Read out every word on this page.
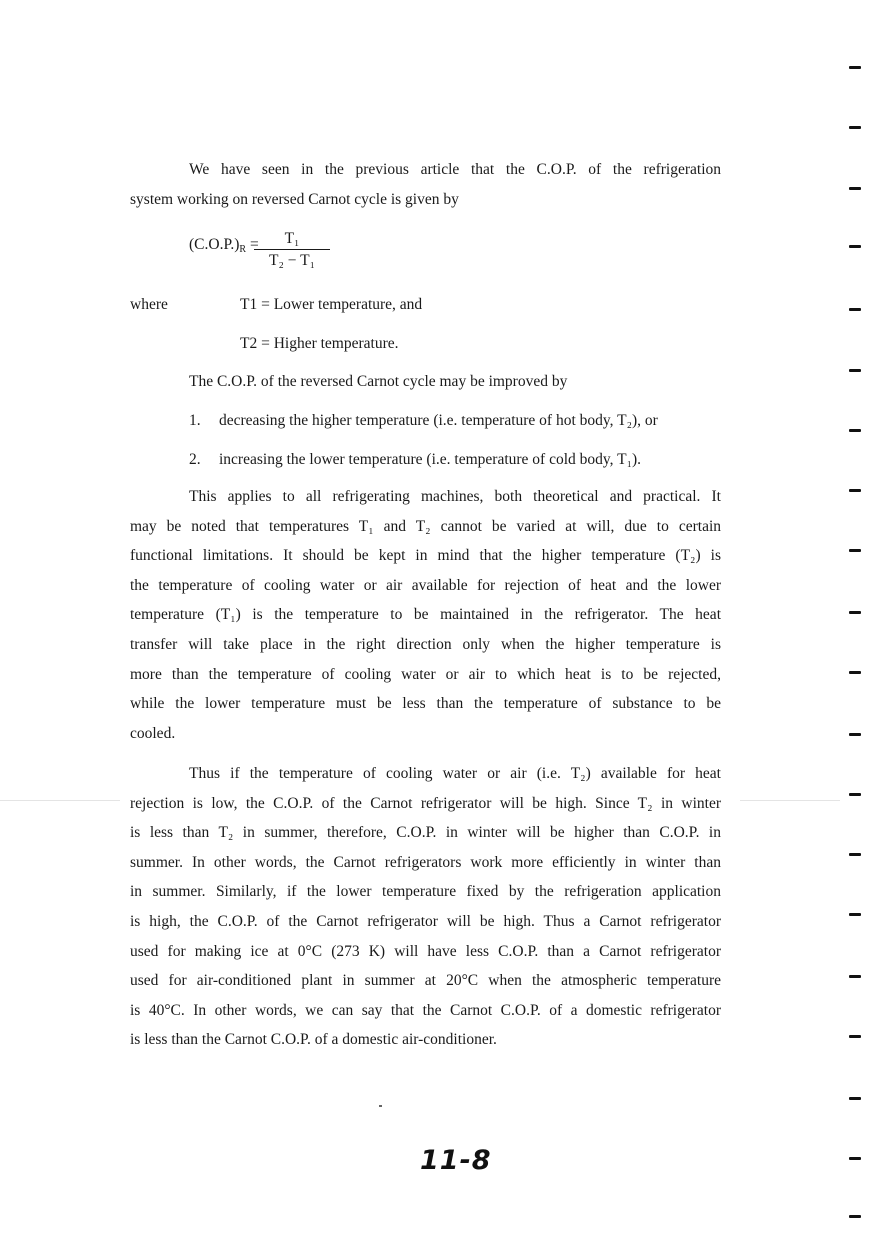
We have seen in the previous article that the C.O.P. of the refrigeration
system working on reversed Carnot cycle is given by
$(C.O.P.)_R$ =	T₁
T₂ − T₁
where	T1 = Lower temperature, and
T2 = Higher temperature.
The C.O.P. of the reversed Carnot cycle may be improved by
1. decreasing the higher temperature (i.e. temperature of hot body, T₂), or
2. increasing the lower temperature (i.e. temperature of cold body, T₁).
This applies to all refrigerating machines, both theoretical and practical. It
may be noted that temperatures T₁ and T₂ cannot be varied at will, due to certain
functional limitations. It should be kept in mind that the higher temperature (T₂) is
the temperature of cooling water or air available for rejection of heat and the lower
temperature (T₁) is the temperature to be maintained in the refrigerator. The heat
transfer will take place in the right direction only when the higher temperature is
more than the temperature of cooling water or air to which heat is to be rejected,
while the lower temperature must be less than the temperature of substance to be
cooled.
Thus if the temperature of cooling water or air (i.e. T₂) available for heat
rejection is low, the C.O.P. of the Carnot refrigerator will be high. Since T₂ in winter
is less than T₂ in summer, therefore, C.O.P. in winter will be higher than C.O.P. in
summer. In other words, the Carnot refrigerators work more efficiently in winter than
in summer. Similarly, if the lower temperature fixed by the refrigeration application
is high, the C.O.P. of the Carnot refrigerator will be high. Thus a Carnot refrigerator
used for making ice at 0°C (273 K) will have less C.O.P. than a Carnot refrigerator
used for air-conditioned plant in summer at 20°C when the atmospheric temperature
is 40°C. In other words, we can say that the Carnot C.O.P. of a domestic refrigerator
is less than the Carnot C.O.P. of a domestic air-conditioner.
11-8
